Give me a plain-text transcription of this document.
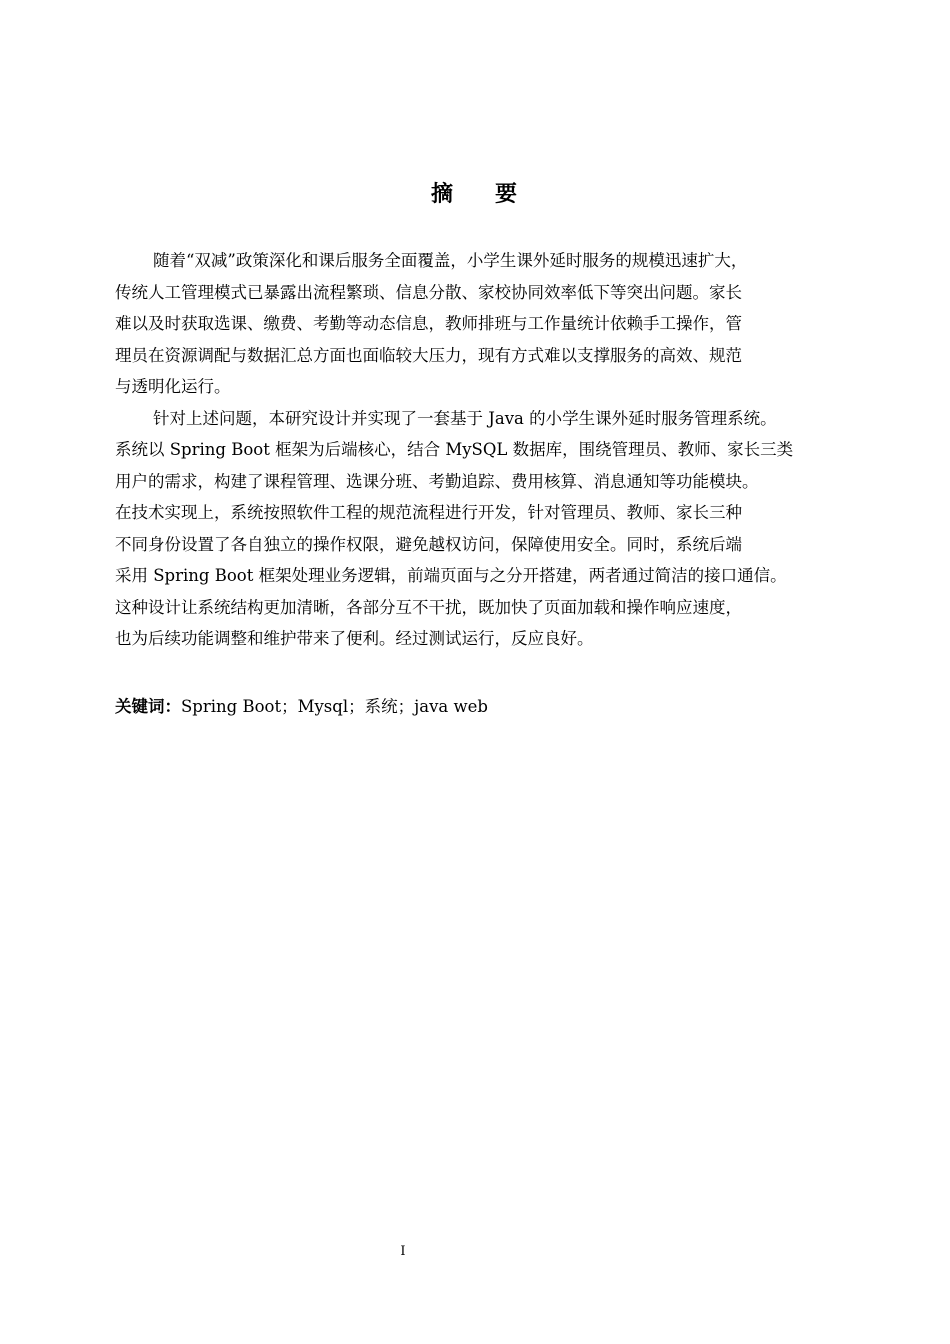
摘 要
随着“双减”政策深化和课后服务全面覆盖，小学生课外延时服务的规模迅速扩大，
传统人工管理模式已暴露出流程繁琐、信息分散、家校协同效率低下等突出问题。家长
难以及时获取选课、缴费、考勤等动态信息，教师排班与工作量统计依赖手工操作，管
理员在资源调配与数据汇总方面也面临较大压力，现有方式难以支撑服务的高效、规范
与透明化运行。
针对上述问题，本研究设计并实现了一套基于 Java 的小学生课外延时服务管理系统。
系统以 Spring Boot 框架为后端核心，结合 MySQL 数据库，围绕管理员、教师、家长三类
用户的需求，构建了课程管理、选课分班、考勤追踪、费用核算、消息通知等功能模块。
在技术实现上，系统按照软件工程的规范流程进行开发，针对管理员、教师、家长三种
不同身份设置了各自独立的操作权限，避免越权访问，保障使用安全。同时，系统后端
采用 Spring Boot 框架处理业务逻辑，前端页面与之分开搭建，两者通过简洁的接口通信。
这种设计让系统结构更加清晰，各部分互不干扰，既加快了页面加载和操作响应速度，
也为后续功能调整和维护带来了便利。经过测试运行，反应良好。
关键词：Spring Boot；Mysql；系统；java web
I
